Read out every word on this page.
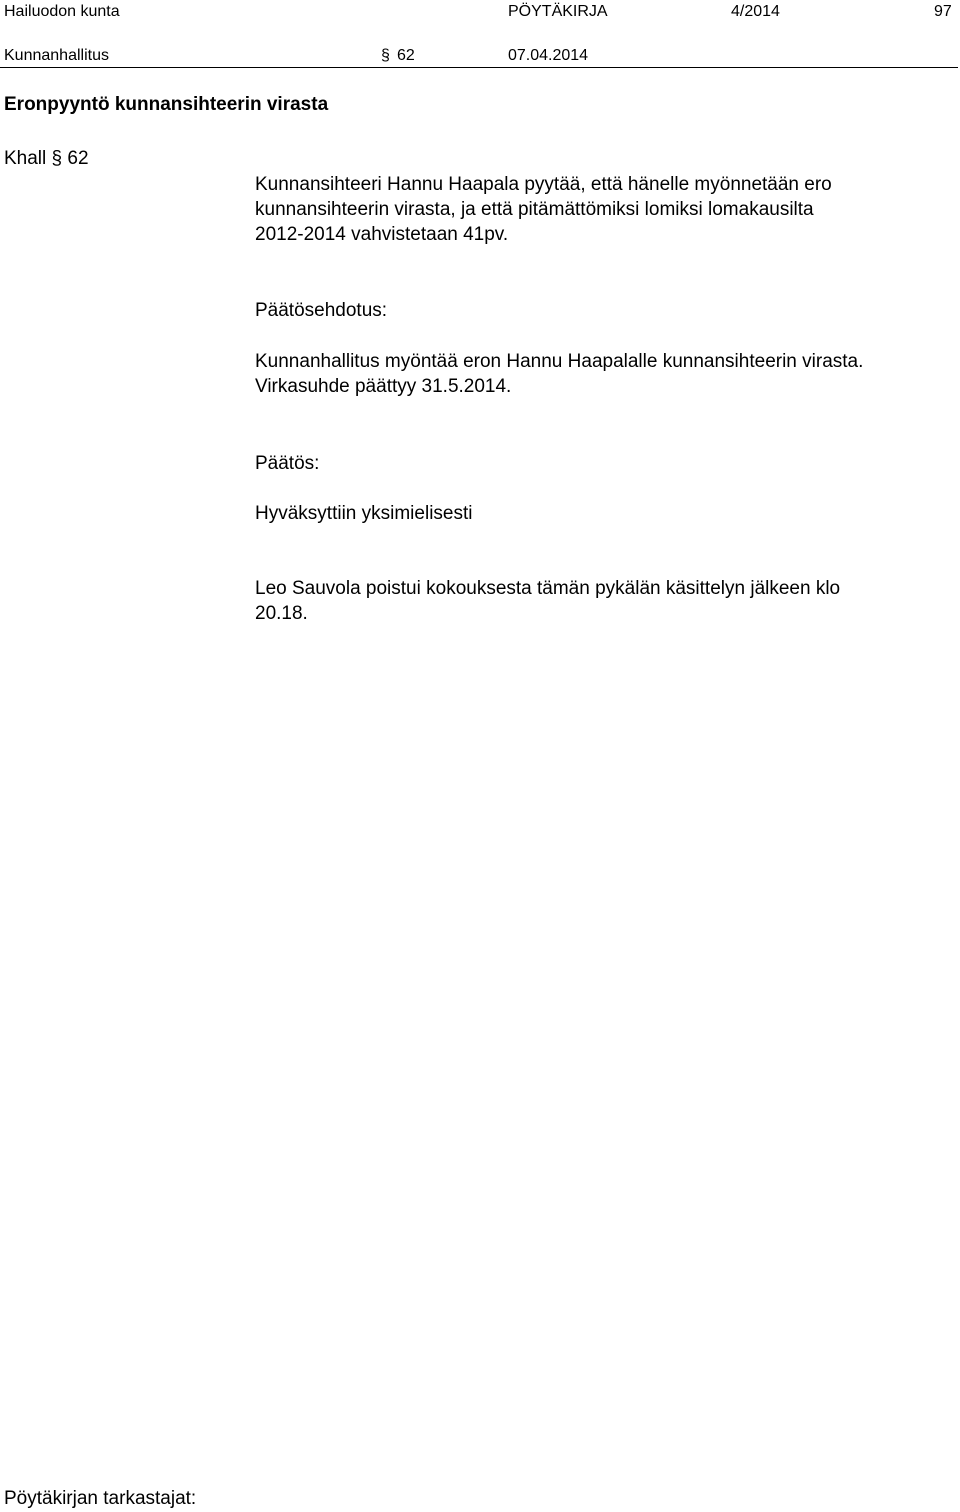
Hailuodon kunta	PÖYTÄKIRJA	4/2014	97
Kunnanhallitus	§ 62	07.04.2014
Eronpyyntö kunnansihteerin virasta
Khall § 62

Kunnansihteeri Hannu Haapala pyytää, että hänelle myönnetään ero

kunnansihteerin virasta, ja että pitämättömiksi lomiksi lomakausilta

2012-2014 vahvistetaan 41pv.

Päätösehdotus:

Kunnanhallitus myöntää eron Hannu Haapalalle kunnansihteerin virasta.

Virkasuhde päättyy 31.5.2014.

Päätös:

Hyväksyttiin yksimielisesti

Leo Sauvola poistui kokouksesta tämän pykälän käsittelyn jälkeen klo

20.18.

Pöytäkirjan tarkastajat:
